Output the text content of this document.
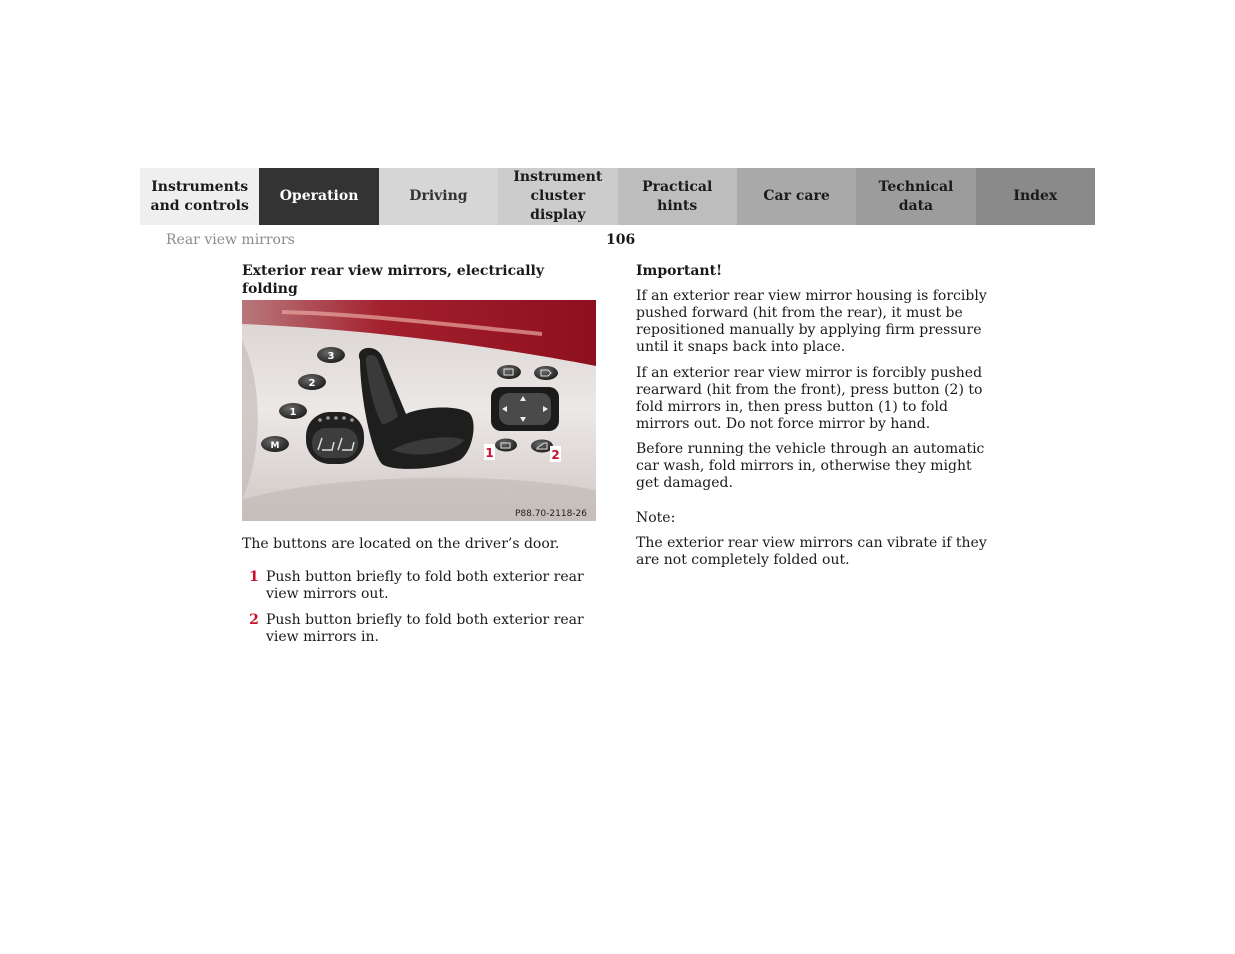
Instruments
and controls
Operation	Driving
Instrument
cluster display
Practical hints
Car care
Technical
data
Index
Rear view mirrors	106
Exterior rear view mirrors, electrically folding
3
2
1
M	1	2
P88.70-2118-26

The buttons are located on the driver’s door.

1 Push button briefly to fold both exterior rear view mirrors out.
2 Push button briefly to fold both exterior rear view mirrors in.
Important!

If an exterior rear view mirror housing is forcibly pushed forward (hit from the rear), it must be repositioned manually by applying firm pressure until it snaps back into place.

If an exterior rear view mirror is forcibly pushed rearward (hit from the front), press button (2) to fold mirrors in, then press button (1) to fold mirrors out. Do not force mirror by hand.

Before running the vehicle through an automatic car wash, fold mirrors in, otherwise they might get damaged.

Note:

The exterior rear view mirrors can vibrate if they are not completely folded out.
